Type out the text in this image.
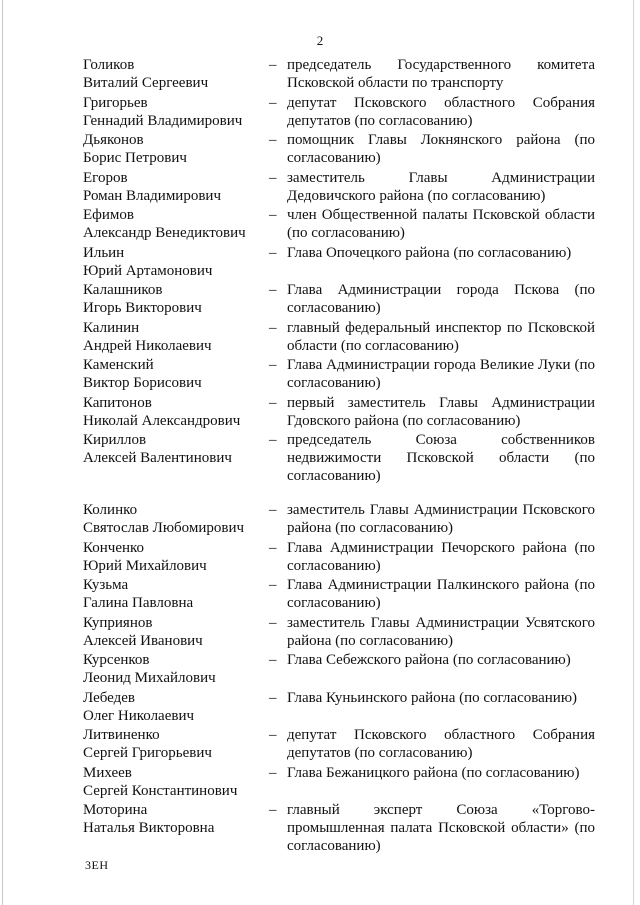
2
Голиков
Виталий Сергеевич
– председатель Государственного комитета Псковской области по транспорту
Григорьев
Геннадий Владимирович
– депутат Псковского областного Собрания депутатов (по согласованию)
Дьяконов
Борис Петрович
– помощник Главы Локнянского района (по согласованию)
Егоров
Роман Владимирович
– заместитель Главы Администрации Дедовичского района (по согласованию)
Ефимов
Александр Венедиктович
– член Общественной палаты Псковской области (по согласованию)
Ильин
Юрий Артамонович
– Глава Опочецкого района (по согласованию)
Калашников
Игорь Викторович
– Глава Администрации города Пскова (по согласованию)
Калинин
Андрей Николаевич
– главный федеральный инспектор по Псковской области (по согласованию)
Каменский
Виктор Борисович
– Глава Администрации города Великие Луки (по согласованию)
Капитонов
Николай Александрович
– первый заместитель Главы Администрации Гдовского района (по согласованию)
Кириллов
Алексей Валентинович
– председатель Союза собственников недвижимости Псковской области (по согласованию)
Колинко
Святослав Любомирович
– заместитель Главы Администрации Псковского района (по согласованию)
Конченко
Юрий Михайлович
– Глава Администрации Печорского района (по согласованию)
Кузьма
Галина Павловна
– Глава Администрации Палкинского района (по согласованию)
Куприянов
Алексей Иванович
– заместитель Главы Администрации Усвятского района (по согласованию)
Курсенков
Леонид Михайлович
– Глава Себежского района (по согласованию)
Лебедев
Олег Николаевич
– Глава Куньинского района (по согласованию)
Литвиненко
Сергей Григорьевич
– депутат Псковского областного Собрания депутатов (по согласованию)
Михеев
Сергей Константинович
– Глава Бежаницкого района (по согласованию)
Моторина
Наталья Викторовна
– главный эксперт Союза «Торгово-промышленная палата Псковской области» (по согласованию)
3ЕН
